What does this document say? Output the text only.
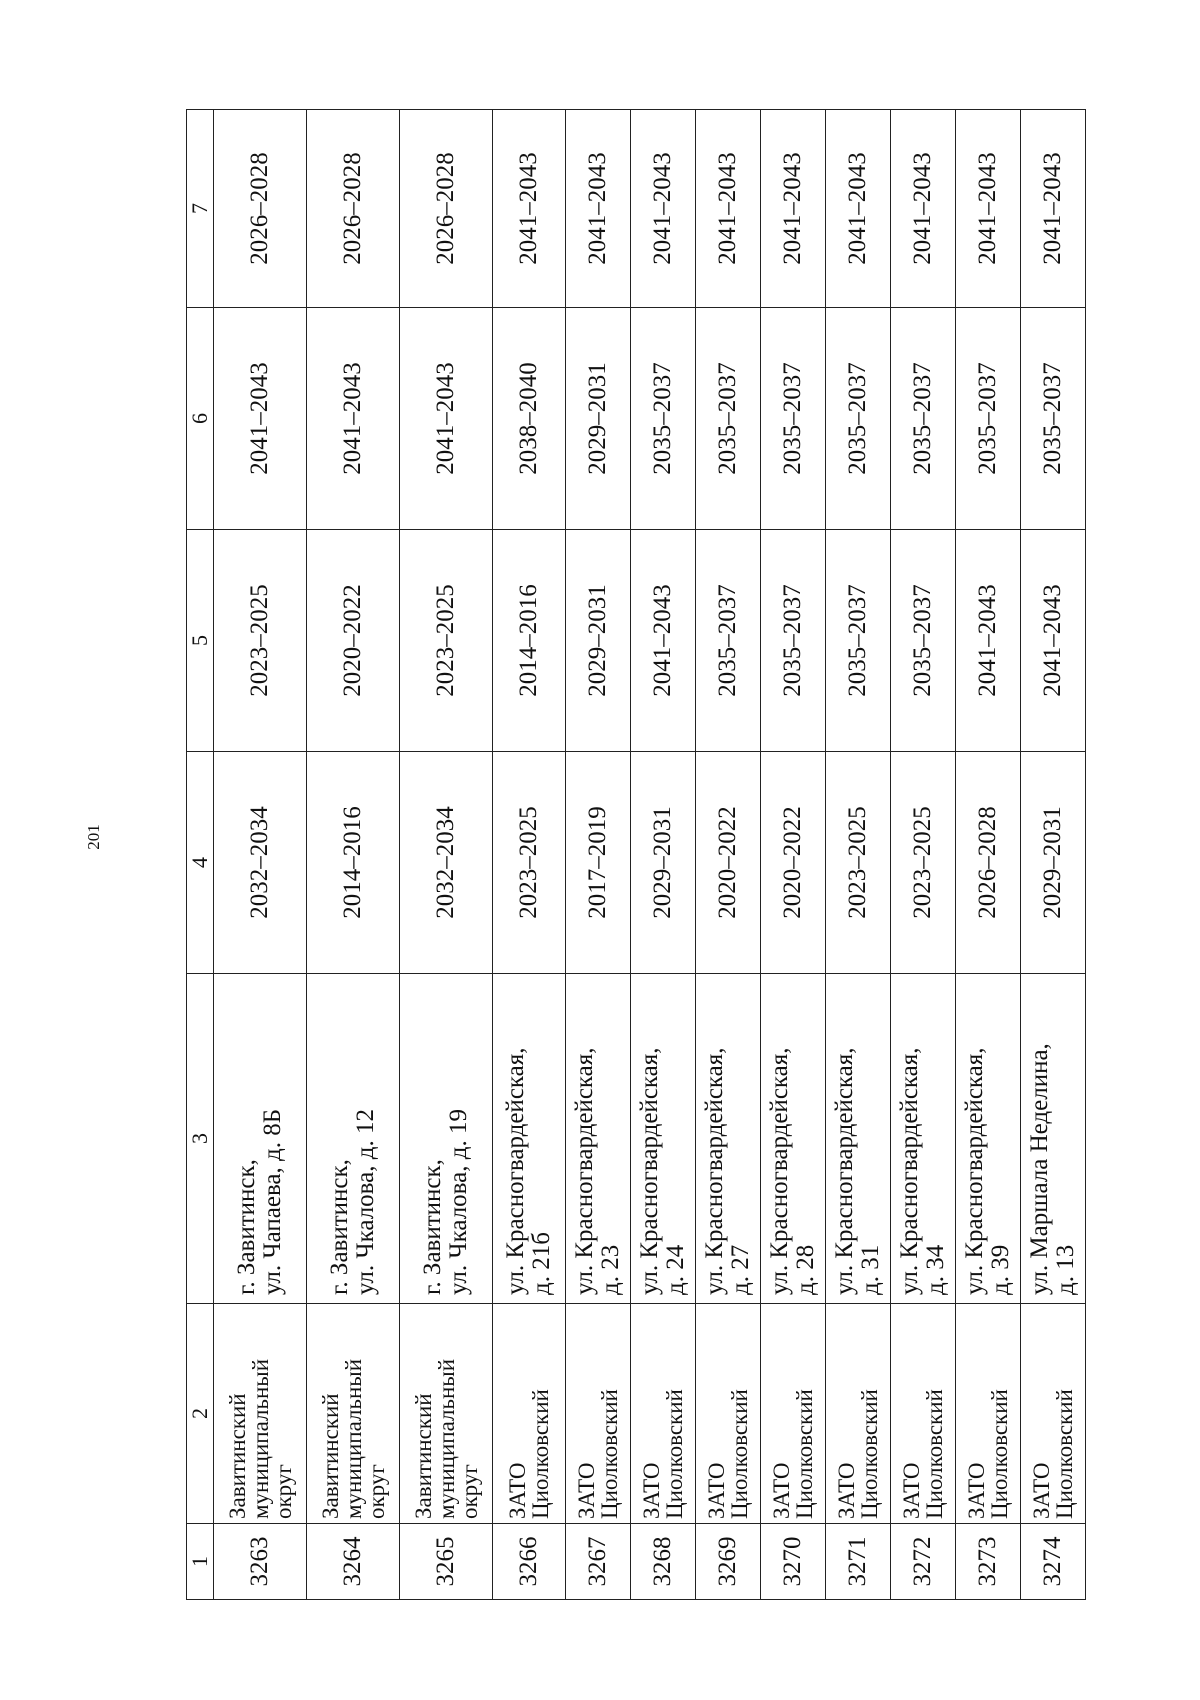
201
1	2	3	4	5	6	7
3263	Завитинский
муниципальный
округ	г. Завитинск, ул. Чапаева, д. 8Б	2032–2034	2023–2025	2041–2043	2026–2028
3264	Завитинский
муниципальный
округ	г. Завитинск, ул. Чкалова, д. 12	2014–2016	2020–2022	2041–2043	2026–2028
3265	Завитинский
муниципальный
округ	г. Завитинск, ул. Чкалова, д. 19	2032–2034	2023–2025	2041–2043	2026–2028
3266	ЗАТО
Циолковский	ул. Красногвардейская, д. 21б	2023–2025	2014–2016	2038–2040	2041–2043
3267	ЗАТО
Циолковский	ул. Красногвардейская, д. 23	2017–2019	2029–2031	2029–2031	2041–2043
3268	ЗАТО
Циолковский	ул. Красногвардейская, д. 24	2029–2031	2041–2043	2035–2037	2041–2043
3269	ЗАТО
Циолковский	ул. Красногвардейская, д. 27	2020–2022	2035–2037	2035–2037	2041–2043
3270	ЗАТО
Циолковский	ул. Красногвардейская, д. 28	2020–2022	2035–2037	2035–2037	2041–2043
3271	ЗАТО
Циолковский	ул. Красногвардейская, д. 31	2023–2025	2035–2037	2035–2037	2041–2043
3272	ЗАТО
Циолковский	ул. Красногвардейская, д. 34	2023–2025	2035–2037	2035–2037	2041–2043
3273	ЗАТО
Циолковский	ул. Красногвардейская, д. 39	2026–2028	2041–2043	2035–2037	2041–2043
3274	ЗАТО
Циолковский	ул. Маршала Неделина, д. 13	2029–2031	2041–2043	2035–2037	2041–2043
